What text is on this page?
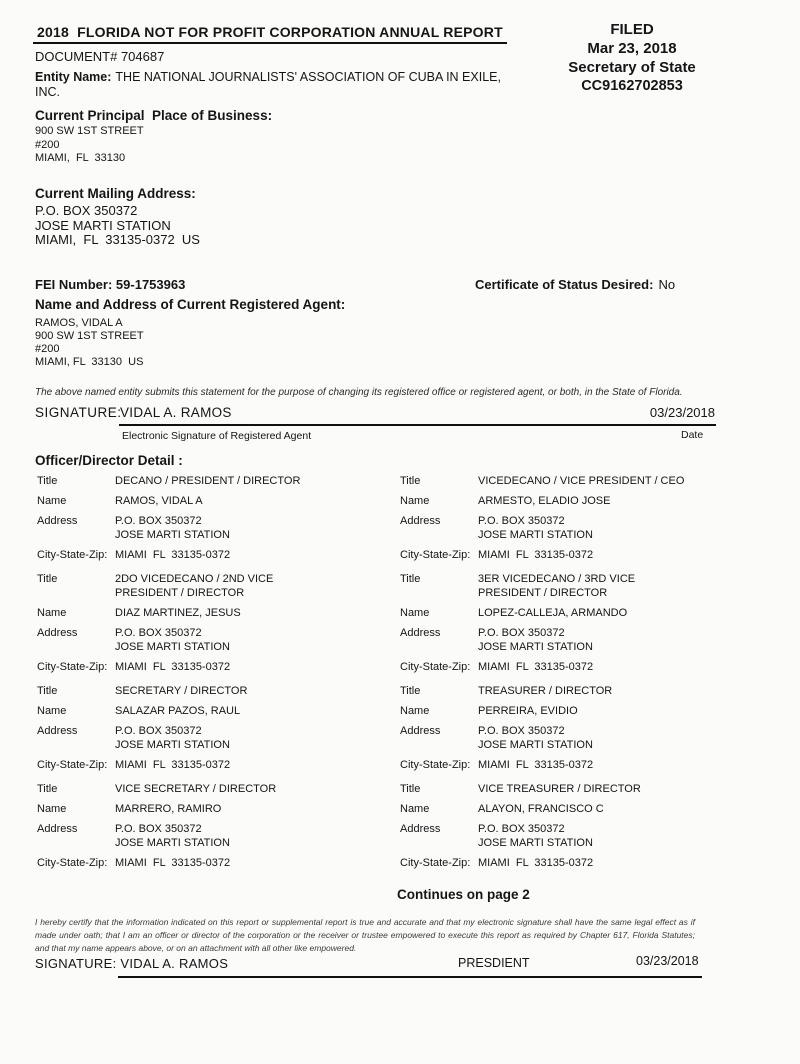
2018  FLORIDA NOT FOR PROFIT CORPORATION ANNUAL REPORT	FILED
Mar 23, 2018
Secretary of State
CC9162702853
DOCUMENT# 704687
Entity Name: THE NATIONAL JOURNALISTS' ASSOCIATION OF CUBA IN EXILE, INC.
Current Principal  Place of Business:
900 SW 1ST STREET
#200
MIAMI,  FL  33130
Current Mailing Address:
P.O. BOX 350372
JOSE MARTI STATION
MIAMI,  FL  33135-0372  US
FEI Number: 59-1753963	Certificate of Status Desired: No
Name and Address of Current Registered Agent:
RAMOS, VIDAL A
900 SW 1ST STREET
#200
MIAMI, FL  33130  US
The above named entity submits this statement for the purpose of changing its registered office or registered agent, or both, in the State of Florida.
SIGNATURE:
VIDAL A. RAMOS	03/23/2018
Electronic Signature of Registered Agent	Date
Officer/Director Detail :
Title	DECANO / PRESIDENT / DIRECTOR
Name	RAMOS, VIDAL A
Address	P.O. BOX 350372
JOSE MARTI STATION
City-State-Zip: MIAMI  FL  33135-0372
Title	2DO VICEDECANO / 2ND VICE PRESIDENT / DIRECTOR
Name	DIAZ MARTINEZ, JESUS
Address	P.O. BOX 350372
JOSE MARTI STATION
City-State-Zip: MIAMI  FL  33135-0372
Title	SECRETARY / DIRECTOR
Name	SALAZAR PAZOS, RAUL
Address	P.O. BOX 350372
JOSE MARTI STATION
City-State-Zip: MIAMI  FL  33135-0372
Title	VICE SECRETARY / DIRECTOR
Name	MARRERO, RAMIRO
Address	P.O. BOX 350372
JOSE MARTI STATION
City-State-Zip: MIAMI  FL  33135-0372
Title	VICEDECANO / VICE PRESIDENT / CEO
Name	ARMESTO, ELADIO JOSE
Address	P.O. BOX 350372
JOSE MARTI STATION
City-State-Zip: MIAMI  FL  33135-0372
Title	3ER VICEDECANO / 3RD VICE PRESIDENT / DIRECTOR
Name	LOPEZ-CALLEJA, ARMANDO
Address	P.O. BOX 350372
JOSE MARTI STATION
City-State-Zip: MIAMI  FL  33135-0372
Title	TREASURER / DIRECTOR
Name	PERREIRA, EVIDIO
Address	P.O. BOX 350372
JOSE MARTI STATION
City-State-Zip: MIAMI  FL  33135-0372
Title	VICE TREASURER / DIRECTOR
Name	ALAYON, FRANCISCO C
Address	P.O. BOX 350372
JOSE MARTI STATION
City-State-Zip: MIAMI  FL  33135-0372
Continues on page 2
I hereby certify that the information indicated on this report or supplemental report is true and accurate and that my electronic signature shall have the same legal effect as if made under oath; that I am an officer or director of the corporation or the receiver or trustee empowered to execute this report as required by Chapter 617, Florida Statutes; and that my name appears above, or on an attachment with all other like empowered.
SIGNATURE: VIDAL A. RAMOS	PRESDIENT	03/23/2018
